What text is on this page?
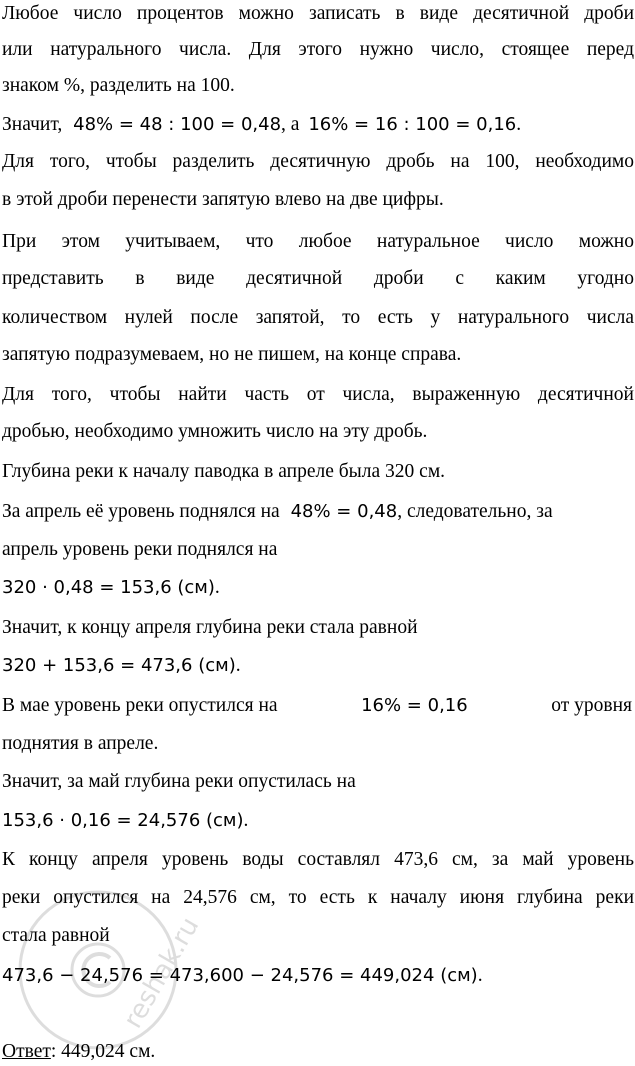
Любое число процентов можно записать в виде десятичной дроби
или натурального числа. Для этого нужно число, стоящее перед
знаком %, разделить на 100.
Значит, 48% = 48 : 100 = 0,48, а 16% = 16 : 100 = 0,16.
Для того, чтобы разделить десятичную дробь на 100, необходимо
в этой дроби перенести запятую влево на две цифры.
При этом учитываем, что любое натуральное число можно
представить в виде десятичной дроби с каким угодно
количеством нулей после запятой, то есть у натурального числа
запятую подразумеваем, но не пишем, на конце справа.
Для того, чтобы найти часть от числа, выраженную десятичной
дробью, необходимо умножить число на эту дробь.
Глубина реки к началу паводка в апреле была 320 см.
За апрель её уровень поднялся на 48% = 0,48, следовательно, за
апрель уровень реки поднялся на
320 · 0,48 = 153,6 (см).
Значит, к концу апреля глубина реки стала равной
320 + 153,6 = 473,6 (см).
В мае уровень реки опустился на	16% = 0,16	от уровня
поднятия в апреле.
Значит, за май глубина реки опустилась на
153,6 · 0,16 = 24,576 (см).
К концу апреля уровень воды составлял 473,6 см, за май уровень
реки опустился на 24,576 см, то есть к началу июня глубина реки
стала равной
473,6 − 24,576 = 473,600 − 24,576 = 449,024 (см).
Ответ: 449,024 см.
reshak.ru
